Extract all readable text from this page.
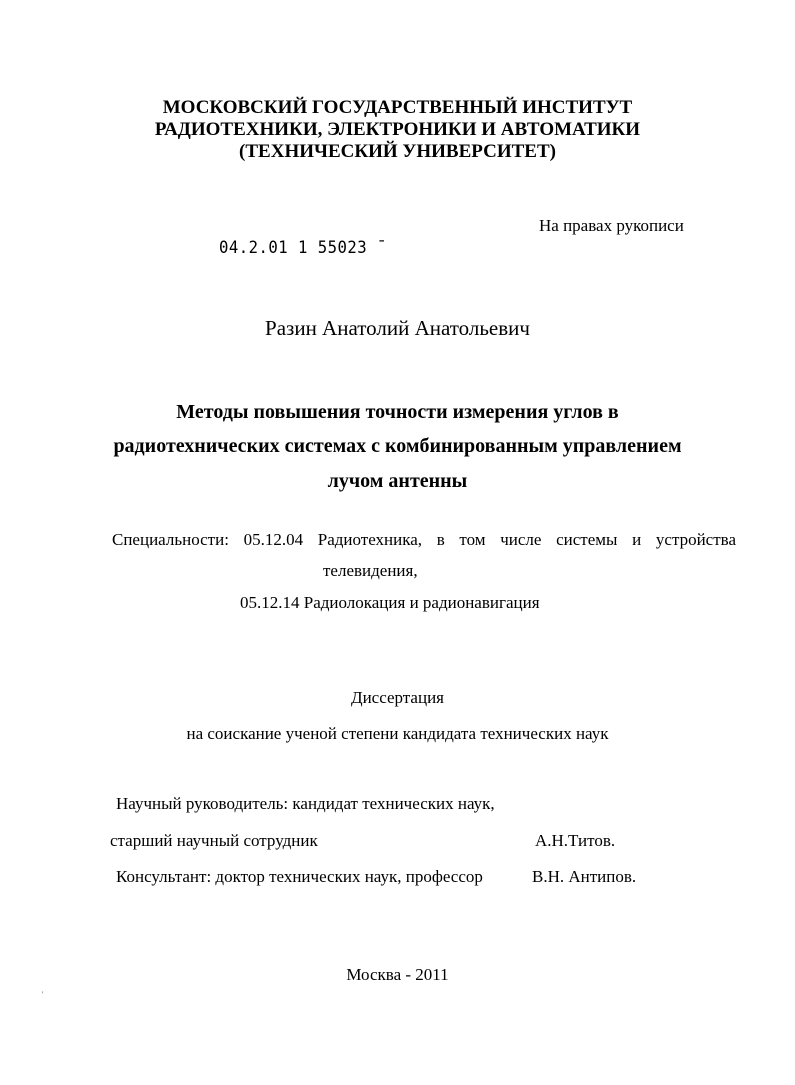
МОСКОВСКИЙ ГОСУДАРСТВЕННЫЙ ИНСТИТУТ
РАДИОТЕХНИКИ, ЭЛЕКТРОНИКИ И АВТОМАТИКИ
(ТЕХНИЧЕСКИЙ УНИВЕРСИТЕТ)
На правах рукописи
04.2.01 1 55023 ˉ
Разин Анатолий Анатольевич
Методы повышения точности измерения углов в
радиотехнических системах с комбинированным управлением
лучом антенны
Специальности: 05.12.04 Радиотехника, в том числе системы и устройства
телевидения,
05.12.14 Радиолокация и радионавигация
Диссертация
на соискание ученой степени кандидата технических наук
Научный руководитель: кандидат технических наук,
старший научный сотрудник	А.Н.Титов.
Консультант: доктор технических наук, профессор	В.Н. Антипов.
Москва - 2011
'
